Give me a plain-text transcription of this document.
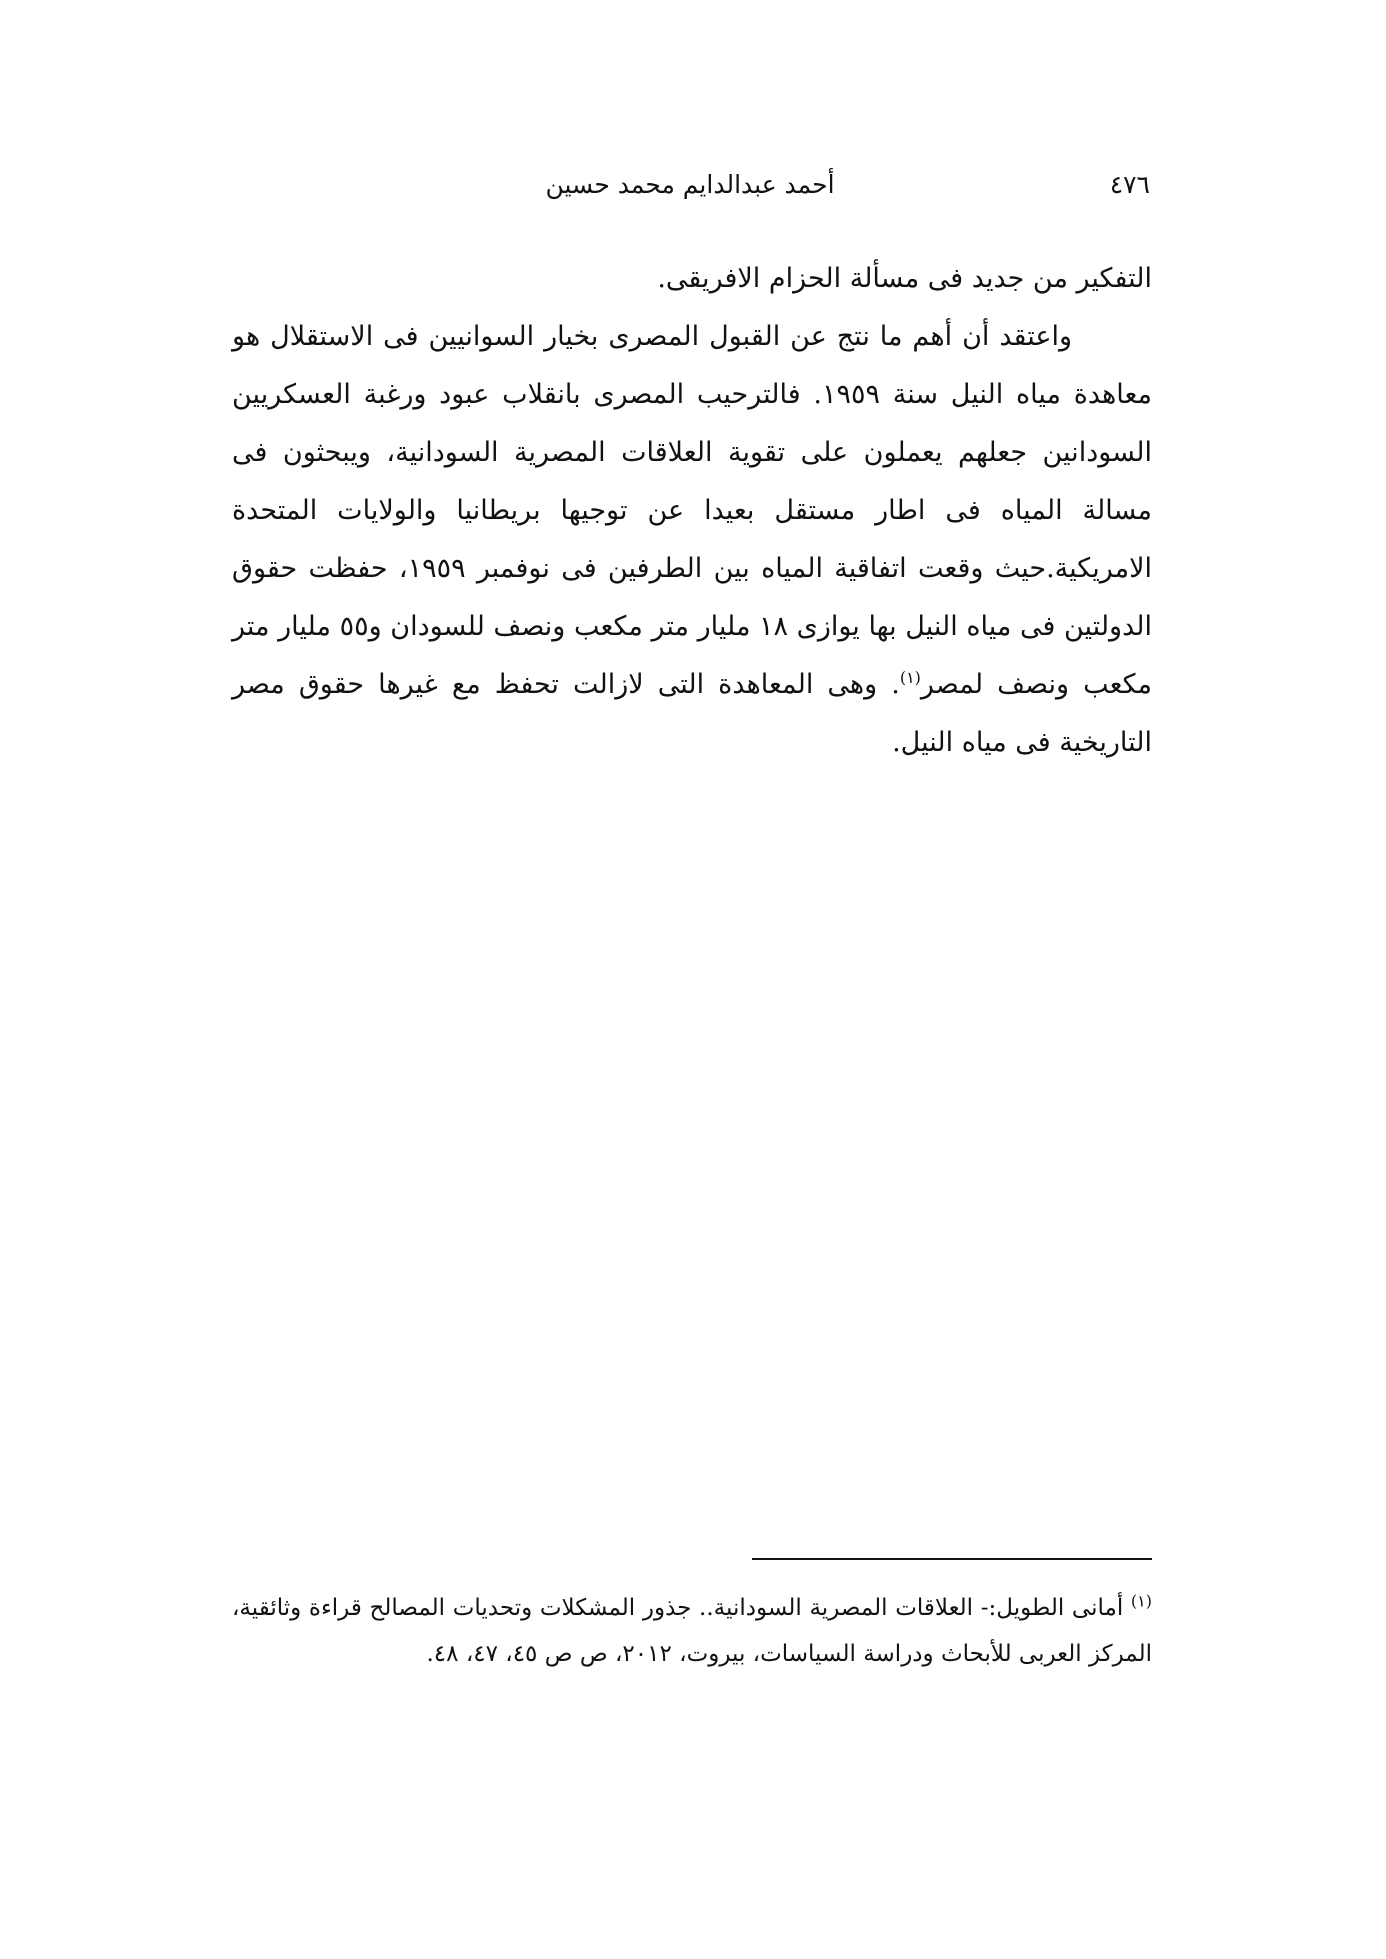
٤٧٦
أحمد عبدالدايم محمد حسين

التفكير من جديد فى مسألة الحزام الافريقى.

واعتقد أن أهم ما نتج عن القبول المصرى بخيار السوانيين فى الاستقلال هو معاهدة مياه النيل سنة ١٩٥٩. فالترحيب المصرى بانقلاب عبود ورغبة العسكريين السودانين جعلهم يعملون على تقوية العلاقات المصرية السودانية، ويبحثون فى مسالة المياه فى اطار مستقل بعيدا عن توجيها بريطانيا والولايات المتحدة الامريكية.حيث وقعت اتفاقية المياه بين الطرفين فى نوفمبر ١٩٥٩، حفظت حقوق الدولتين فى مياه النيل بها يوازى ١٨ مليار متر مكعب ونصف للسودان و٥٥ مليار متر مكعب ونصف لمصر$^{(١)}$. وهى المعاهدة التى لازالت تحفظ مع غيرها حقوق مصر التاريخية فى مياه النيل.

$^{(١)}$ أمانى الطويل:- العلاقات المصرية السودانية.. جذور المشكلات وتحديات المصالح قراءة وثائقية، المركز العربى للأبحاث ودراسة السياسات، بيروت، ٢٠١٢، ص ص ٤٥، ٤٧، ٤٨.
